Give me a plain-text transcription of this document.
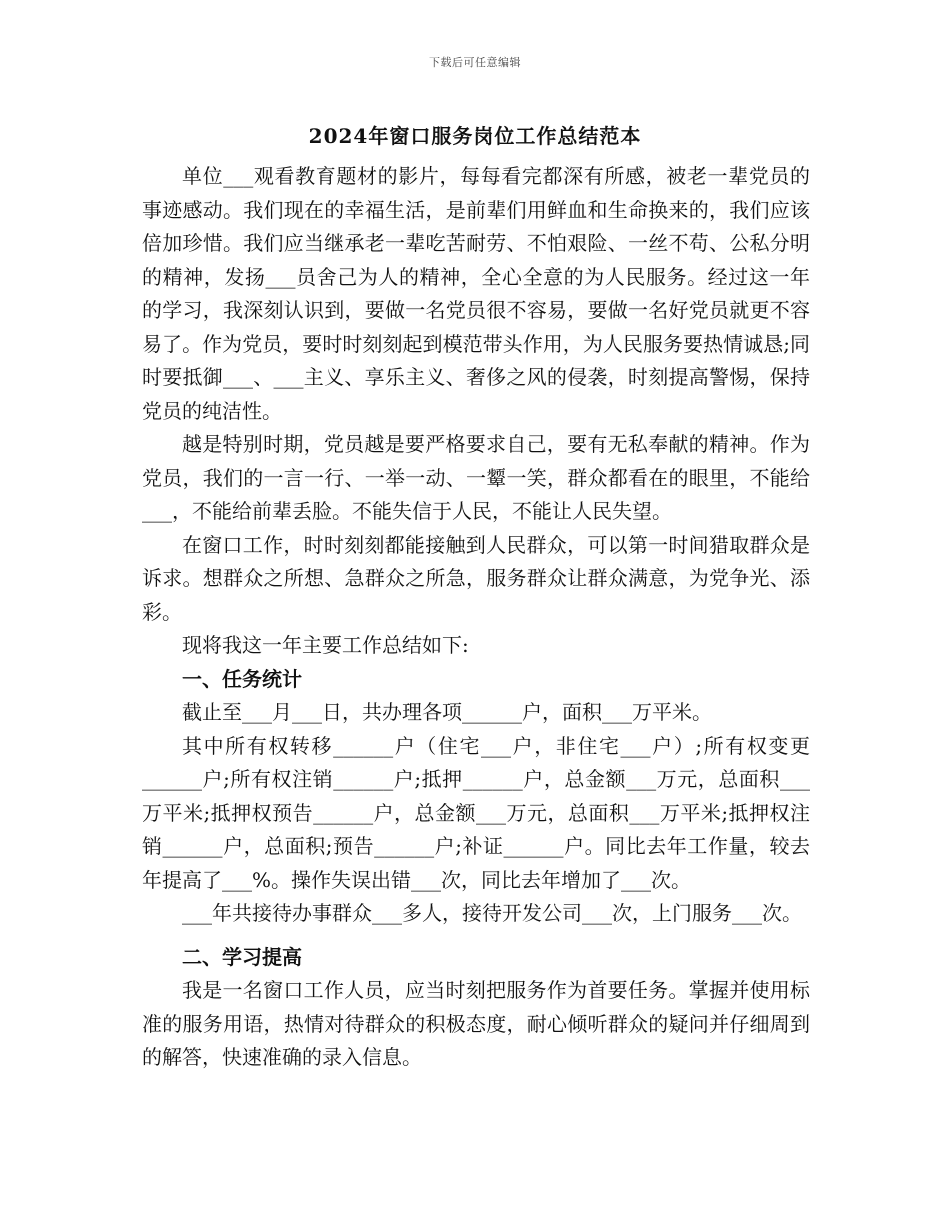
下载后可任意编辑
2024年窗口服务岗位工作总结范本

单位___观看教育题材的影片，每每看完都深有所感，被老一辈党员的事迹感动。我们现在的幸福生活，是前辈们用鲜血和生命换来的，我们应该倍加珍惜。我们应当继承老一辈吃苦耐劳、不怕艰险、一丝不苟、公私分明的精神，发扬___员舍己为人的精神，全心全意的为人民服务。经过这一年的学习，我深刻认识到，要做一名党员很不容易，要做一名好党员就更不容易了。作为党员，要时时刻刻起到模范带头作用，为人民服务要热情诚恳;同时要抵御___、___主义、享乐主义、奢侈之风的侵袭，时刻提高警惕，保持党员的纯洁性。

越是特别时期，党员越是要严格要求自己，要有无私奉献的精神。作为党员，我们的一言一行、一举一动、一颦一笑，群众都看在的眼里，不能给___，不能给前辈丢脸。不能失信于人民，不能让人民失望。

在窗口工作，时时刻刻都能接触到人民群众，可以第一时间猎取群众是诉求。想群众之所想、急群众之所急，服务群众让群众满意，为党争光、添彩。

现将我这一年主要工作总结如下:

一、任务统计

截止至___月___日，共办理各项______户，面积___万平米。

其中所有权转移______户（住宅___户，非住宅___户）;所有权变更______户;所有权注销______户;抵押______户，总金额___万元，总面积___万平米;抵押权预告______户，总金额___万元，总面积___万平米;抵押权注销______户，总面积;预告______户;补证______户。同比去年工作量，较去年提高了___%。操作失误出错___次，同比去年增加了___次。

___年共接待办事群众___多人，接待开发公司___次，上门服务___次。

二、学习提高

我是一名窗口工作人员，应当时刻把服务作为首要任务。掌握并使用标准的服务用语，热情对待群众的积极态度，耐心倾听群众的疑问并仔细周到的解答，快速准确的录入信息。
